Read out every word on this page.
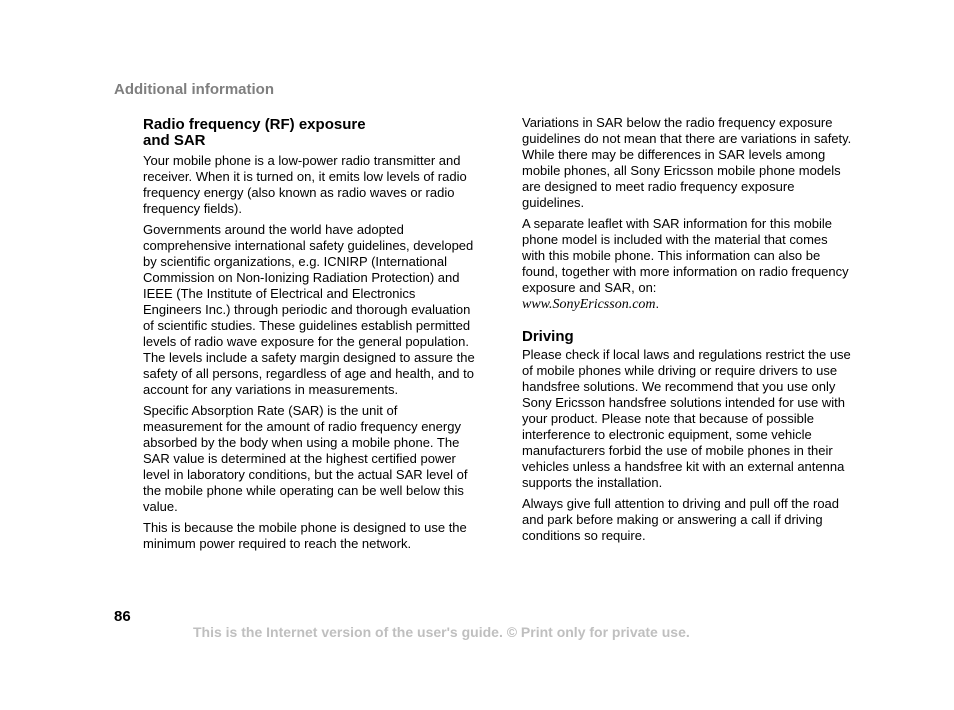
Additional information
Radio frequency (RF) exposure
and SAR

Your mobile phone is a low-power radio transmitter and receiver. When it is turned on, it emits low levels of radio frequency energy (also known as radio waves or radio frequency fields).

Governments around the world have adopted comprehensive international safety guidelines, developed by scientific organizations, e.g. ICNIRP (International Commission on Non-Ionizing Radiation Protection) and IEEE (The Institute of Electrical and Electronics Engineers Inc.) through periodic and thorough evaluation of scientific studies. These guidelines establish permitted levels of radio wave exposure for the general population. The levels include a safety margin designed to assure the safety of all persons, regardless of age and health, and to account for any variations in measurements.

Specific Absorption Rate (SAR) is the unit of measurement for the amount of radio frequency energy absorbed by the body when using a mobile phone. The SAR value is determined at the highest certified power level in laboratory conditions, but the actual SAR level of the mobile phone while operating can be well below this value.

This is because the mobile phone is designed to use the minimum power required to reach the network.

Variations in SAR below the radio frequency exposure guidelines do not mean that there are variations in safety. While there may be differences in SAR levels among mobile phones, all Sony Ericsson mobile phone models are designed to meet radio frequency exposure guidelines.

A separate leaflet with SAR information for this mobile phone model is included with the material that comes with this mobile phone. This information can also be found, together with more information on radio frequency exposure and SAR, on:
www.SonyEricsson.com.

Driving

Please check if local laws and regulations restrict the use of mobile phones while driving or require drivers to use handsfree solutions. We recommend that you use only Sony Ericsson handsfree solutions intended for use with your product. Please note that because of possible interference to electronic equipment, some vehicle manufacturers forbid the use of mobile phones in their vehicles unless a handsfree kit with an external antenna supports the installation.

Always give full attention to driving and pull off the road and park before making or answering a call if driving conditions so require.

86
This is the Internet version of the user's guide. © Print only for private use.
